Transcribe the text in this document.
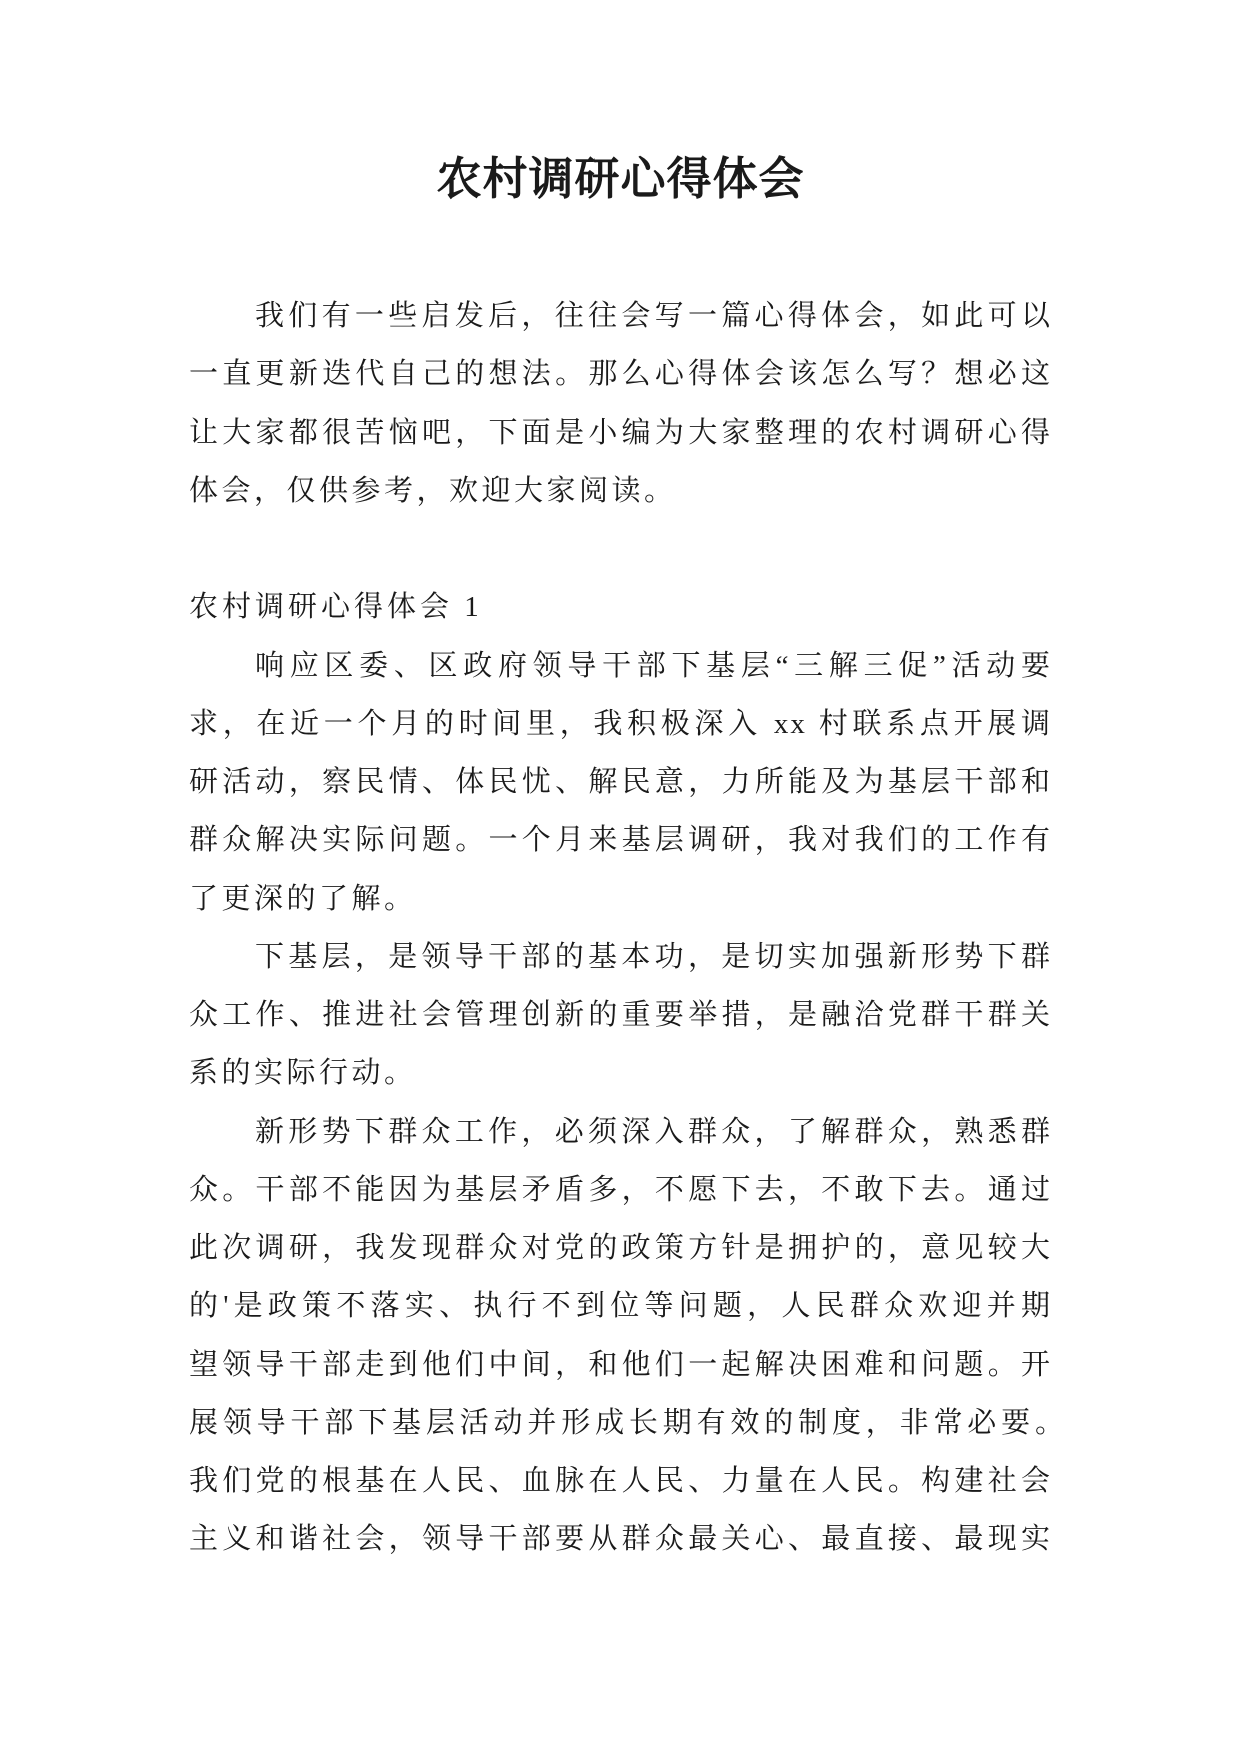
农村调研心得体会
我们有一些启发后，往往会写一篇心得体会，如此可以
一直更新迭代自己的想法。那么心得体会该怎么写？想必这
让大家都很苦恼吧，下面是小编为大家整理的农村调研心得
体会，仅供参考，欢迎大家阅读。
农村调研心得体会 1
响应区委、区政府领导干部下基层“三解三促”活动要
求，在近一个月的时间里，我积极深入 xx 村联系点开展调
研活动，察民情、体民忧、解民意，力所能及为基层干部和
群众解决实际问题。一个月来基层调研，我对我们的工作有
了更深的了解。
下基层，是领导干部的基本功，是切实加强新形势下群
众工作、推进社会管理创新的重要举措，是融洽党群干群关
系的实际行动。
新形势下群众工作，必须深入群众，了解群众，熟悉群
众。干部不能因为基层矛盾多，不愿下去，不敢下去。通过
此次调研，我发现群众对党的政策方针是拥护的，意见较大
的'是政策不落实、执行不到位等问题，人民群众欢迎并期
望领导干部走到他们中间，和他们一起解决困难和问题。开
展领导干部下基层活动并形成长期有效的制度，非常必要。
我们党的根基在人民、血脉在人民、力量在人民。构建社会
主义和谐社会，领导干部要从群众最关心、最直接、最现实
